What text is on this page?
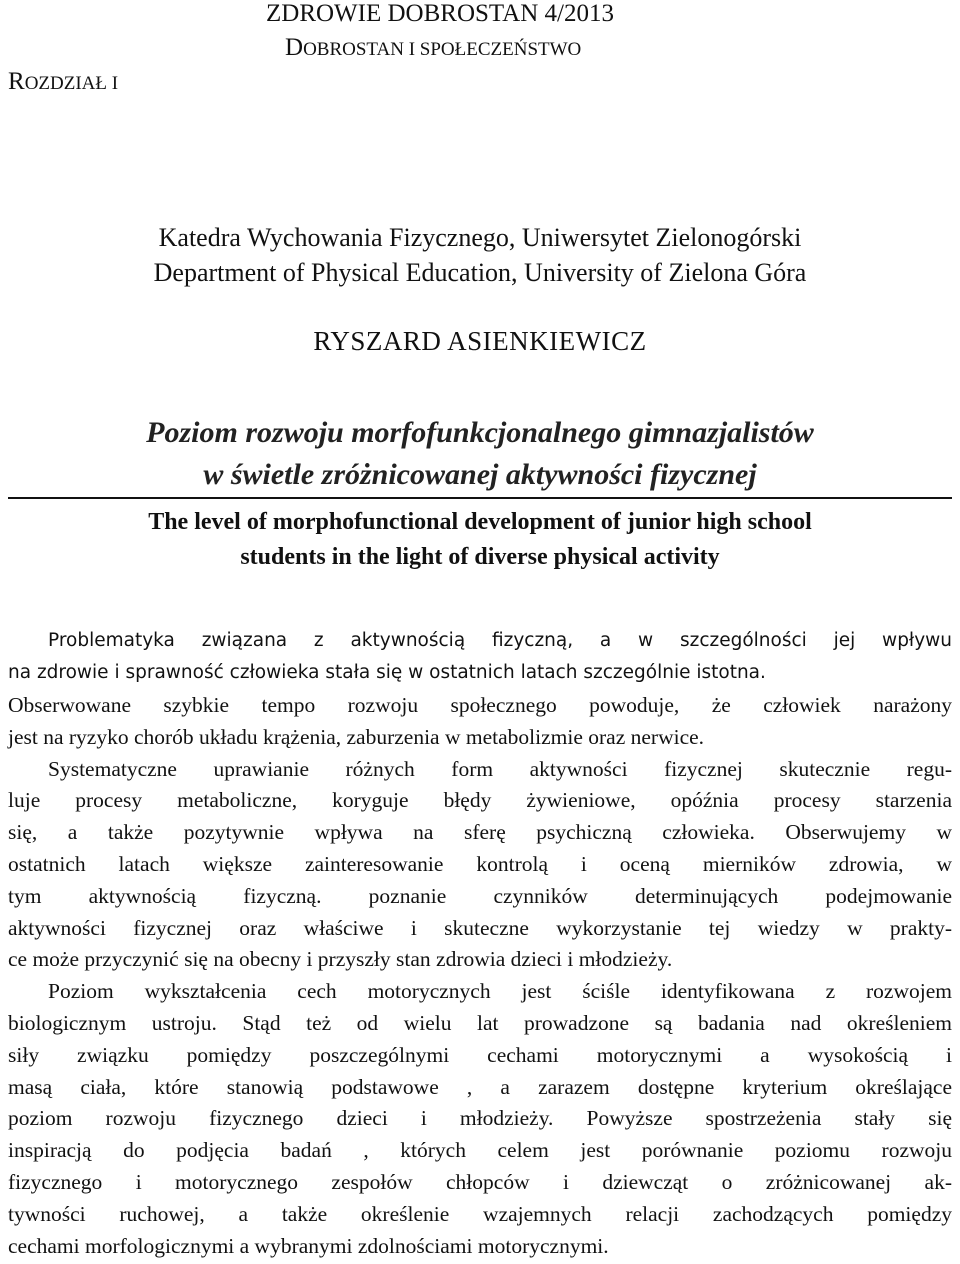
ZDROWIE DOBROSTAN 4/2013
DOBROSTAN I SPOŁECZEŃSTWO
ROZDZIAŁ I
Katedra Wychowania Fizycznego, Uniwersytet Zielonogórski
Department of Physical Education, University of Zielona Góra
RYSZARD ASIENKIEWICZ
Poziom rozwoju morfofunkcjonalnego gimnazjalistów
w świetle zróżnicowanej aktywności fizycznej
The level of morphofunctional development of junior high school
students in the light of diverse physical activity
Problematyka związana z aktywnością fizyczną, a w szczególności jej wpływu
na zdrowie i sprawność człowieka stała się w ostatnich latach szczególnie istotna.
Obserwowane szybkie tempo rozwoju społecznego powoduje, że człowiek narażony
jest na ryzyko chorób układu krążenia, zaburzenia w metabolizmie oraz nerwice.
Systematyczne uprawianie różnych form aktywności fizycznej skutecznie regu-
luje procesy metaboliczne, koryguje błędy żywieniowe, opóźnia procesy starzenia
się, a także pozytywnie wpływa na sferę psychiczną człowieka. Obserwujemy w
ostatnich latach większe zainteresowanie kontrolą i oceną mierników zdrowia, w
tym aktywnością fizyczną. poznanie czynników determinujących podejmowanie
aktywności fizycznej oraz właściwe i skuteczne wykorzystanie tej wiedzy w prakty-
ce może przyczynić się na obecny i przyszły stan zdrowia dzieci i młodzieży.
Poziom wykształcenia cech motorycznych jest ściśle identyfikowana z rozwojem
biologicznym ustroju. Stąd też od wielu lat prowadzone są badania nad określeniem
siły związku pomiędzy poszczególnymi cechami motorycznymi a wysokością i
masą ciała, które stanowią podstawowe , a zarazem dostępne kryterium określające
poziom rozwoju fizycznego dzieci i młodzieży. Powyższe spostrzeżenia stały się
inspiracją do podjęcia badań , których celem jest porównanie poziomu rozwoju
fizycznego i motorycznego zespołów chłopców i dziewcząt o zróżnicowanej ak-
tywności ruchowej, a także określenie wzajemnych relacji zachodzących pomiędzy
cechami morfologicznymi a wybranymi zdolnościami motorycznymi.
